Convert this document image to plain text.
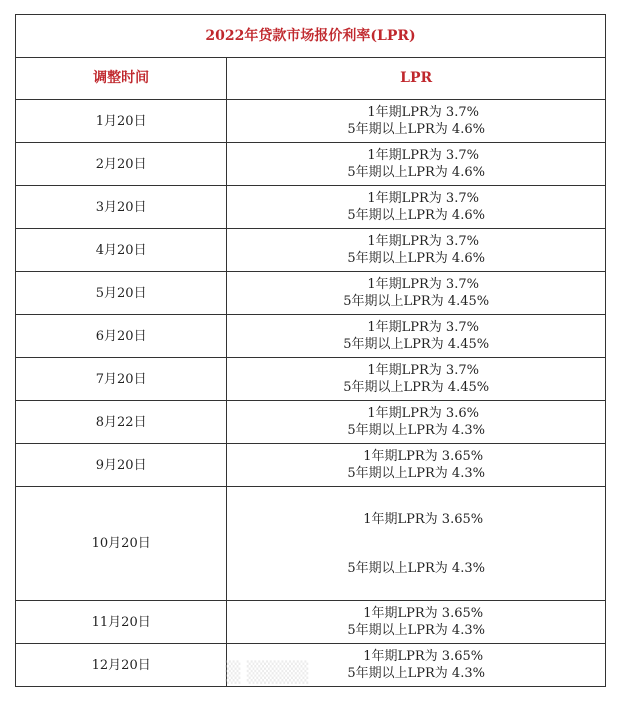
2022年贷款市场报价利率(LPR)	
调整时间	LPR
1月20日	1年期LPR为 3.7%
5年期以上LPR为 4.6%

2月20日	1年期LPR为 3.7%
5年期以上LPR为 4.6%

3月20日	1年期LPR为 3.7%
5年期以上LPR为 4.6%

4月20日	1年期LPR为 3.7%
5年期以上LPR为 4.6%

5月20日	1年期LPR为 3.7%
5年期以上LPR为 4.45%

6月20日	1年期LPR为 3.7%
5年期以上LPR为 4.45%

7月20日	1年期LPR为 3.7%
5年期以上LPR为 4.45%

8月22日	1年期LPR为 3.6%
5年期以上LPR为 4.3%

9月20日	1年期LPR为 3.65%
5年期以上LPR为 4.3%

10月20日	1年期LPR为 3.65%
5年期以上LPR为 4.3%

11月20日	1年期LPR为 3.65%
5年期以上LPR为 4.3%

12月20日	1年期LPR为 3.65%
5年期以上LPR为 4.3%
▒ ▒▒▒▒
